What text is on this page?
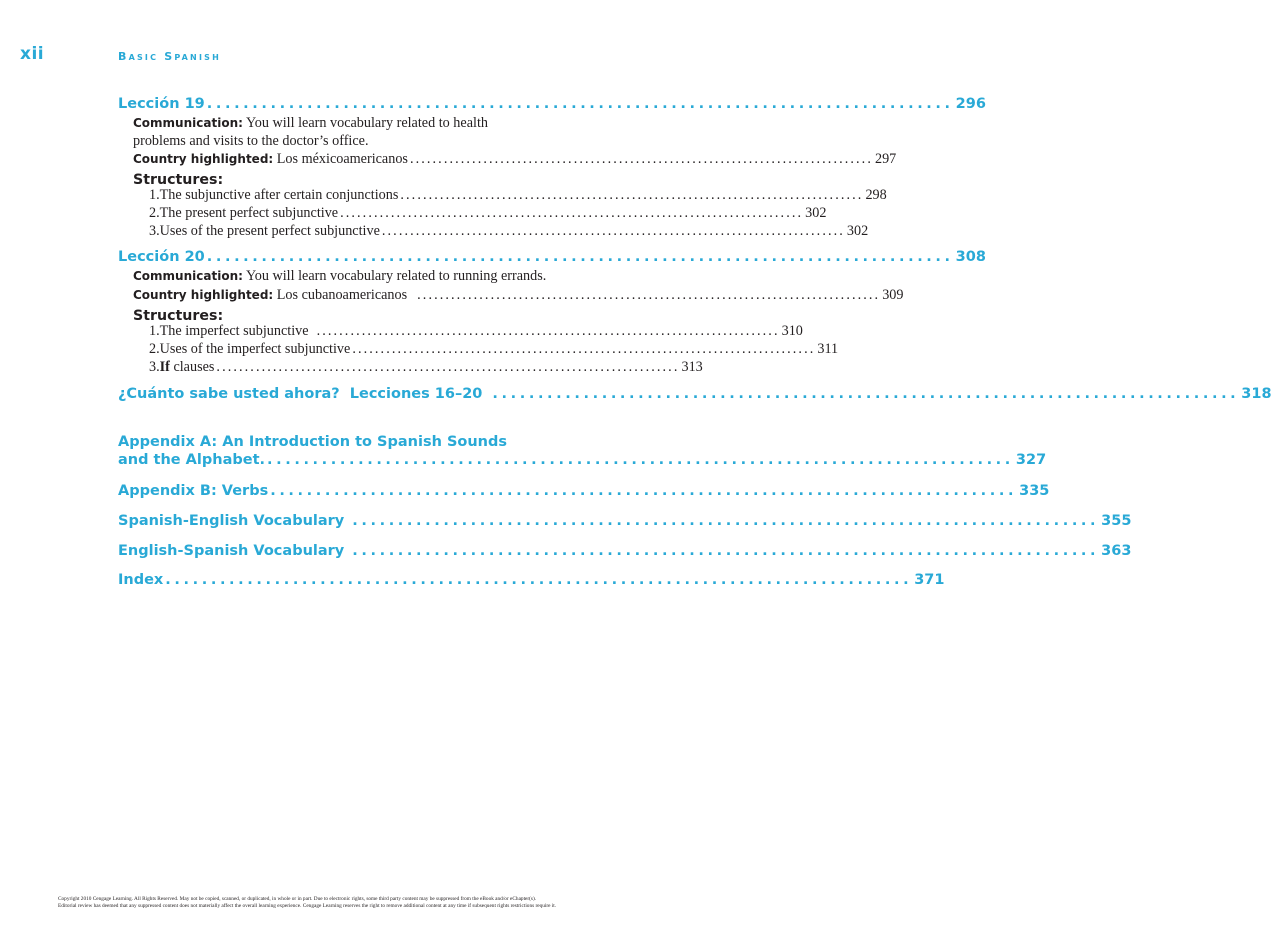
xii	Basic Spanish
Lección 19 .................................................................................. 296
Communication: You will learn vocabulary related to health
problems and visits to the doctor’s office.
Country highlighted:
Los méxicoamericanos .................................................................................. 297
Structures:
1. The subjunctive after certain conjunctions .................................................................................. 298
2. The present perfect subjunctive .................................................................................. 302
3. Uses of the present perfect subjunctive .................................................................................. 302
Lección 20 .................................................................................. 308
Communication: You will learn vocabulary related to running errands.
Country highlighted:
Los cubanoamericanos .................................................................................. 309
Structures:
1. The imperfect subjunctive .................................................................................. 310
2. Uses of the imperfect subjunctive .................................................................................. 311
3. If
clauses .................................................................................. 313
¿Cuánto sabe usted ahora?  Lecciones 16–20 .................................................................................. 318
Appendix A: An Introduction to Spanish Sounds
and the Alphabet. .................................................................................. 327
Appendix B: Verbs .................................................................................. 335
Spanish-English Vocabulary .................................................................................. 355
English-Spanish Vocabulary .................................................................................. 363
Index .................................................................................. 371
Copyright 2010 Cengage Learning. All Rights Reserved. May not be copied, scanned, or duplicated, in whole or in part. Due to electronic rights, some third party content may be suppressed from the eBook and/or eChapter(s).
Editorial review has deemed that any suppressed content does not materially affect the overall learning experience. Cengage Learning reserves the right to remove additional content at any time if subsequent rights restrictions require it.
